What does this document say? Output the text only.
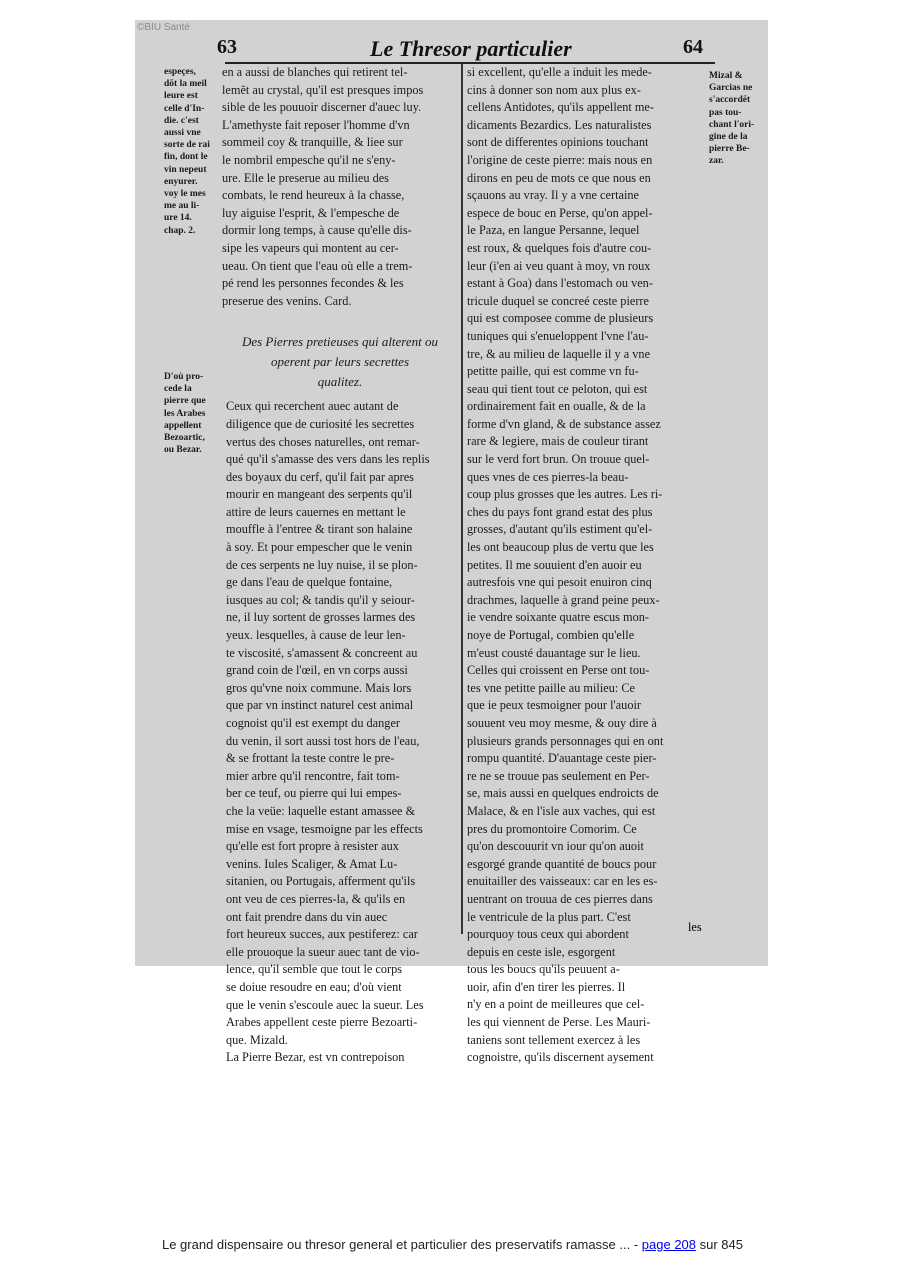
©BIU Santé
63	Le Thresor particulier	64
espeçes,
dõt la meil
leure est
celle d'In-
die. c'est
aussi vne
sorte de rai
fin, dont le
vin nepeut
enyurer.
voy le mes
me au li-
ure 14.
chap. 2.
D'où pro-
cede la
pierre que
les Arabes
appellent
Bezoartic,
ou Bezar.
Mizal &
Garcias ne
s'accordẽt
pas tou-
chant l'ori-
gine de la
pierre Be-
zar.
en a aussi de blanches qui retirent tel-
lemẽt au crystal, qu'il est presques impos
sible de les pouuoir discerner d'auec luy.
L'amethyste fait reposer l'homme d'vn
sommeil coy & tranquille, & liee sur
le nombril empesche qu'il ne s'eny-
ure. Elle le preserue au milieu des
combats, le rend heureux à la chasse,
luy aiguise l'esprit, & l'empesche de
dormir long temps, à cause qu'elle dis-
sipe les vapeurs qui montent au cer-
ueau. On tient que l'eau où elle a trem-
pé rend les personnes fecondes & les
preserue des venins. Card.
Des Pierres pretieuses qui alterent ou
operent par leurs secrettes
qualitez.
Ceux qui recerchent auec autant de
diligence que de curiosité les secrettes
vertus des choses naturelles, ont remar-
qué qu'il s'amasse des vers dans les replis
des boyaux du cerf, qu'il fait par apres
mourir en mangeant des serpents qu'il
attire de leurs cauernes en mettant le
mouffle à l'entree & tirant son halaine
à soy. Et pour empescher que le venin
de ces serpents ne luy nuise, il se plon-
ge dans l'eau de quelque fontaine,
iusques au col; & tandis qu'il y seiour-
ne, il luy sortent de grosses larmes des
yeux. lesquelles, à cause de leur len-
te viscosité, s'amassent & concreent au
grand coin de l'œil, en vn corps aussi
gros qu'vne noix commune. Mais lors
que par vn instinct naturel cest animal
cognoist qu'il est exempt du danger
du venin, il sort aussi tost hors de l'eau,
& se frottant la teste contre le pre-
mier arbre qu'il rencontre, fait tom-
ber ce teuf, ou pierre qui lui empes-
che la veüe: laquelle estant amassee &
mise en vsage, tesmoigne par les effects
qu'elle est fort propre à resister aux
venins. Iules Scaliger, & Amat Lu-
sitanien, ou Portugais, afferment qu'ils
ont veu de ces pierres-la, & qu'ils en
ont fait prendre dans du vin auec
fort heureux succes, aux pestiferez: car
elle prouoque la sueur auec tant de vio-
lence, qu'il semble que tout le corps
se doiue resoudre en eau; d'où vient
que le venin s'escoule auec la sueur. Les
Arabes appellent ceste pierre Bezoarti-
que. Mizald.
La Pierre Bezar, est vn contrepoison
si excellent, qu'elle a induit les mede-
cins à donner son nom aux plus ex-
cellens Antidotes, qu'ils appellent me-
dicaments Bezardics. Les naturalistes
sont de differentes opinions touchant
l'origine de ceste pierre: mais nous en
dirons en peu de mots ce que nous en
sçauons au vray. Il y a vne certaine
espece de bouc en Perse, qu'on appel-
le Paza, en langue Persanne, lequel
est roux, & quelques fois d'autre cou-
leur (i'en ai veu quant à moy, vn roux
estant à Goa) dans l'estomach ou ven-
tricule duquel se concreé ceste pierre
qui est composee comme de plusieurs
tuniques qui s'enueloppent l'vne l'au-
tre, & au milieu de laquelle il y a vne
petitte paille, qui est comme vn fu-
seau qui tient tout ce peloton, qui est
ordinairement fait en oualle, & de la
forme d'vn gland, & de substance assez
rare & legiere, mais de couleur tirant
sur le verd fort brun. On trouue quel-
ques vnes de ces pierres-la beau-
coup plus grosses que les autres. Les ri-
ches du pays font grand estat des plus
grosses, d'autant qu'ils estiment qu'el-
les ont beaucoup plus de vertu que les
petites. Il me souuient d'en auoir eu
autresfois vne qui pesoit enuiron cinq
drachmes, laquelle à grand peine peux-
ie vendre soixante quatre escus mon-
noye de Portugal, combien qu'elle
m'eust cousté dauantage sur le lieu.
Celles qui croissent en Perse ont tou-
tes vne petitte paille au milieu: Ce
que ie peux tesmoigner pour l'auoir
souuent veu moy mesme, & ouy dire à
plusieurs grands personnages qui en ont
rompu quantité. D'auantage ceste pier-
re ne se trouue pas seulement en Per-
se, mais aussi en quelques endroicts de
Malace, & en l'isle aux vaches, qui est
pres du promontoire Comorim. Ce
qu'on descouurit vn iour qu'on auoit
esgorgé grande quantité de boucs pour
enuitailler des vaisseaux: car en les es-
uentrant on trouua de ces pierres dans
le ventricule de la plus part. C'est
pourquoy tous ceux qui abordent
depuis en ceste isle, esgorgent
tous les boucs qu'ils peuuent a-
uoir, afin d'en tirer les pierres. Il
n'y en a point de meilleures que cel-
les qui viennent de Perse. Les Mauri-
taniens sont tellement exercez à les
cognoistre, qu'ils discernent aysement
les
Le grand dispensaire ou thresor general et particulier des preservatifs ramasse ... - page 208 sur 845
